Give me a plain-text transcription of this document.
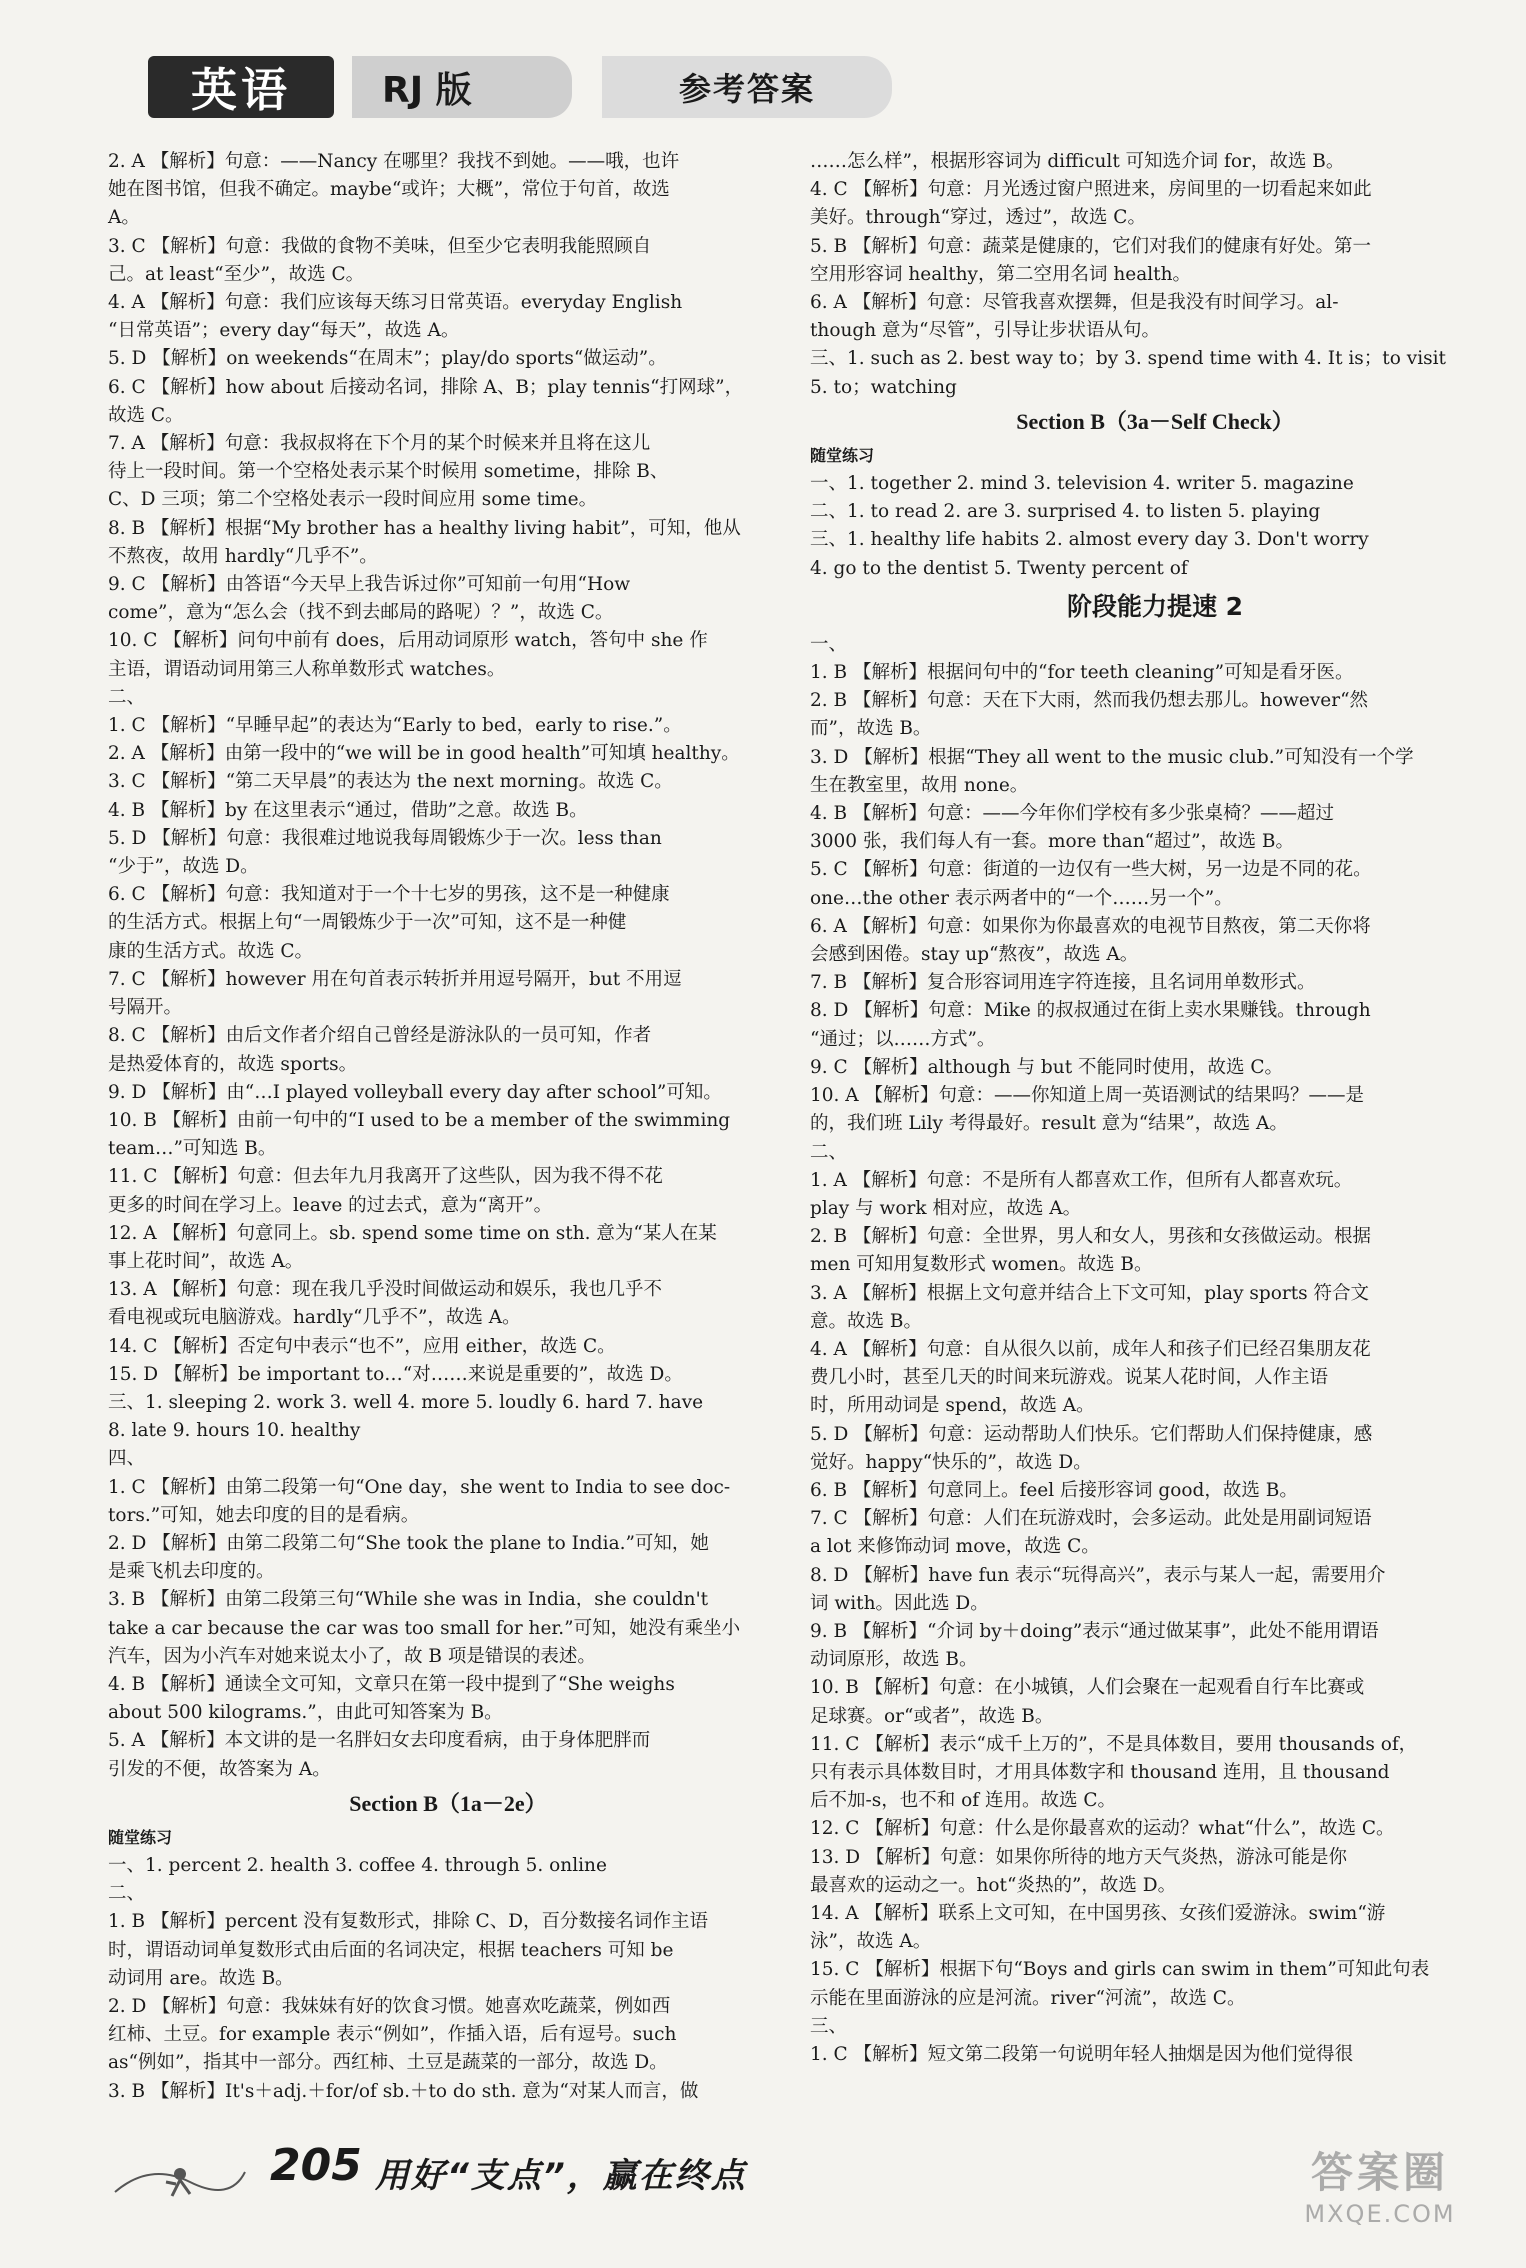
英语	RJ 版	参考答案
2. A 【解析】句意：——Nancy 在哪里？我找不到她。——哦，也许
她在图书馆，但我不确定。maybe“或许；大概”，常位于句首，故选
A。
3. C 【解析】句意：我做的食物不美味，但至少它表明我能照顾自
己。at least“至少”，故选 C。
4. A 【解析】句意：我们应该每天练习日常英语。everyday English
“日常英语”；every day“每天”，故选 A。
5. D 【解析】on weekends“在周末”；play/do sports“做运动”。
6. C 【解析】how about 后接动名词，排除 A、B；play tennis“打网球”，
故选 C。
7. A 【解析】句意：我叔叔将在下个月的某个时候来并且将在这儿
待上一段时间。第一个空格处表示某个时候用 sometime，排除 B、
C、D 三项；第二个空格处表示一段时间应用 some time。
8. B 【解析】根据“My brother has a healthy living habit”，可知，他从
不熬夜，故用 hardly“几乎不”。
9. C 【解析】由答语“今天早上我告诉过你”可知前一句用“How
come”，意为“怎么会（找不到去邮局的路呢）？”，故选 C。
10. C 【解析】问句中前有 does，后用动词原形 watch，答句中 she 作
主语，谓语动词用第三人称单数形式 watches。
二、
1. C 【解析】“早睡早起”的表达为“Early to bed，early to rise.”。
2. A 【解析】由第一段中的“we will be in good health”可知填 healthy。
3. C 【解析】“第二天早晨”的表达为 the next morning。故选 C。
4. B 【解析】by 在这里表示“通过，借助”之意。故选 B。
5. D 【解析】句意：我很难过地说我每周锻炼少于一次。less than
“少于”，故选 D。
6. C 【解析】句意：我知道对于一个十七岁的男孩，这不是一种健康
的生活方式。根据上句“一周锻炼少于一次”可知，这不是一种健
康的生活方式。故选 C。
7. C 【解析】however 用在句首表示转折并用逗号隔开，but 不用逗
号隔开。
8. C 【解析】由后文作者介绍自己曾经是游泳队的一员可知，作者
是热爱体育的，故选 sports。
9. D 【解析】由“…I played volleyball every day after school”可知。
10. B 【解析】由前一句中的“I used to be a member of the swimming
team…”可知选 B。
11. C 【解析】句意：但去年九月我离开了这些队，因为我不得不花
更多的时间在学习上。leave 的过去式，意为“离开”。
12. A 【解析】句意同上。sb. spend some time on sth. 意为“某人在某
事上花时间”，故选 A。
13. A 【解析】句意：现在我几乎没时间做运动和娱乐，我也几乎不
看电视或玩电脑游戏。hardly“几乎不”，故选 A。
14. C 【解析】否定句中表示“也不”，应用 either，故选 C。
15. D 【解析】be important to…“对……来说是重要的”，故选 D。
三、1. sleeping 2. work 3. well 4. more 5. loudly 6. hard 7. have
8. late 9. hours 10. healthy
四、
1. C 【解析】由第二段第一句“One day，she went to India to see doc-
tors.”可知，她去印度的目的是看病。
2. D 【解析】由第二段第二句“She took the plane to India.”可知，她
是乘飞机去印度的。
3. B 【解析】由第二段第三句“While she was in India，she couldn't
take a car because the car was too small for her.”可知，她没有乘坐小
汽车，因为小汽车对她来说太小了，故 B 项是错误的表述。
4. B 【解析】通读全文可知，文章只在第一段中提到了“She weighs
about 500 kilograms.”，由此可知答案为 B。
5. A 【解析】本文讲的是一名胖妇女去印度看病，由于身体肥胖而
引发的不便，故答案为 A。
Section B（1a－2e）
随堂练习
一、1. percent 2. health 3. coffee 4. through 5. online
二、
1. B 【解析】percent 没有复数形式，排除 C、D，百分数接名词作主语
时，谓语动词单复数形式由后面的名词决定，根据 teachers 可知 be
动词用 are。故选 B。
2. D 【解析】句意：我妹妹有好的饮食习惯。她喜欢吃蔬菜，例如西
红柿、土豆。for example 表示“例如”，作插入语，后有逗号。such
as“例如”，指其中一部分。西红柿、土豆是蔬菜的一部分，故选 D。
3. B 【解析】It's＋adj.＋for/of sb.＋to do sth. 意为“对某人而言，做
……怎么样”，根据形容词为 difficult 可知选介词 for，故选 B。
4. C 【解析】句意：月光透过窗户照进来，房间里的一切看起来如此
美好。through“穿过，透过”，故选 C。
5. B 【解析】句意：蔬菜是健康的，它们对我们的健康有好处。第一
空用形容词 healthy，第二空用名词 health。
6. A 【解析】句意：尽管我喜欢摆舞，但是我没有时间学习。al-
though 意为“尽管”，引导让步状语从句。
三、1. such as 2. best way to；by 3. spend time with 4. It is；to visit
5. to；watching
Section B（3a－Self Check）
随堂练习
一、1. together 2. mind 3. television 4. writer 5. magazine
二、1. to read 2. are 3. surprised 4. to listen 5. playing
三、1. healthy life habits 2. almost every day 3. Don't worry
4. go to the dentist 5. Twenty percent of
阶段能力提速 2
一、
1. B 【解析】根据问句中的“for teeth cleaning”可知是看牙医。
2. B 【解析】句意：天在下大雨，然而我仍想去那儿。however“然
而”，故选 B。
3. D 【解析】根据“They all went to the music club.”可知没有一个学
生在教室里，故用 none。
4. B 【解析】句意：——今年你们学校有多少张桌椅？——超过
3000 张，我们每人有一套。more than“超过”，故选 B。
5. C 【解析】句意：街道的一边仅有一些大树，另一边是不同的花。
one…the other 表示两者中的“一个……另一个”。
6. A 【解析】句意：如果你为你最喜欢的电视节目熬夜，第二天你将
会感到困倦。stay up“熬夜”，故选 A。
7. B 【解析】复合形容词用连字符连接，且名词用单数形式。
8. D 【解析】句意：Mike 的叔叔通过在街上卖水果赚钱。through
“通过；以……方式”。
9. C 【解析】although 与 but 不能同时使用，故选 C。
10. A 【解析】句意：——你知道上周一英语测试的结果吗？——是
的，我们班 Lily 考得最好。result 意为“结果”，故选 A。
二、
1. A 【解析】句意：不是所有人都喜欢工作，但所有人都喜欢玩。
play 与 work 相对应，故选 A。
2. B 【解析】句意：全世界，男人和女人，男孩和女孩做运动。根据
men 可知用复数形式 women。故选 B。
3. A 【解析】根据上文句意并结合上下文可知，play sports 符合文
意。故选 B。
4. A 【解析】句意：自从很久以前，成年人和孩子们已经召集朋友花
费几小时，甚至几天的时间来玩游戏。说某人花时间，人作主语
时，所用动词是 spend，故选 A。
5. D 【解析】句意：运动帮助人们快乐。它们帮助人们保持健康，感
觉好。happy“快乐的”，故选 D。
6. B 【解析】句意同上。feel 后接形容词 good，故选 B。
7. C 【解析】句意：人们在玩游戏时，会多运动。此处是用副词短语
a lot 来修饰动词 move，故选 C。
8. D 【解析】have fun 表示“玩得高兴”，表示与某人一起，需要用介
词 with。因此选 D。
9. B 【解析】“介词 by＋doing”表示“通过做某事”，此处不能用谓语
动词原形，故选 B。
10. B 【解析】句意：在小城镇，人们会聚在一起观看自行车比赛或
足球赛。or“或者”，故选 B。
11. C 【解析】表示“成千上万的”，不是具体数目，要用 thousands of，
只有表示具体数目时，才用具体数字和 thousand 连用，且 thousand
后不加-s，也不和 of 连用。故选 C。
12. C 【解析】句意：什么是你最喜欢的运动？what“什么”，故选 C。
13. D 【解析】句意：如果你所待的地方天气炎热，游泳可能是你
最喜欢的运动之一。hot“炎热的”，故选 D。
14. A 【解析】联系上文可知，在中国男孩、女孩们爱游泳。swim“游
泳”，故选 A。
15. C 【解析】根据下句“Boys and girls can swim in them”可知此句表
示能在里面游泳的应是河流。river“河流”，故选 C。
三、
1. C 【解析】短文第二段第一句说明年轻人抽烟是因为他们觉得很
205 用好“支点”，赢在终点	答案圈
MXQE.COM
